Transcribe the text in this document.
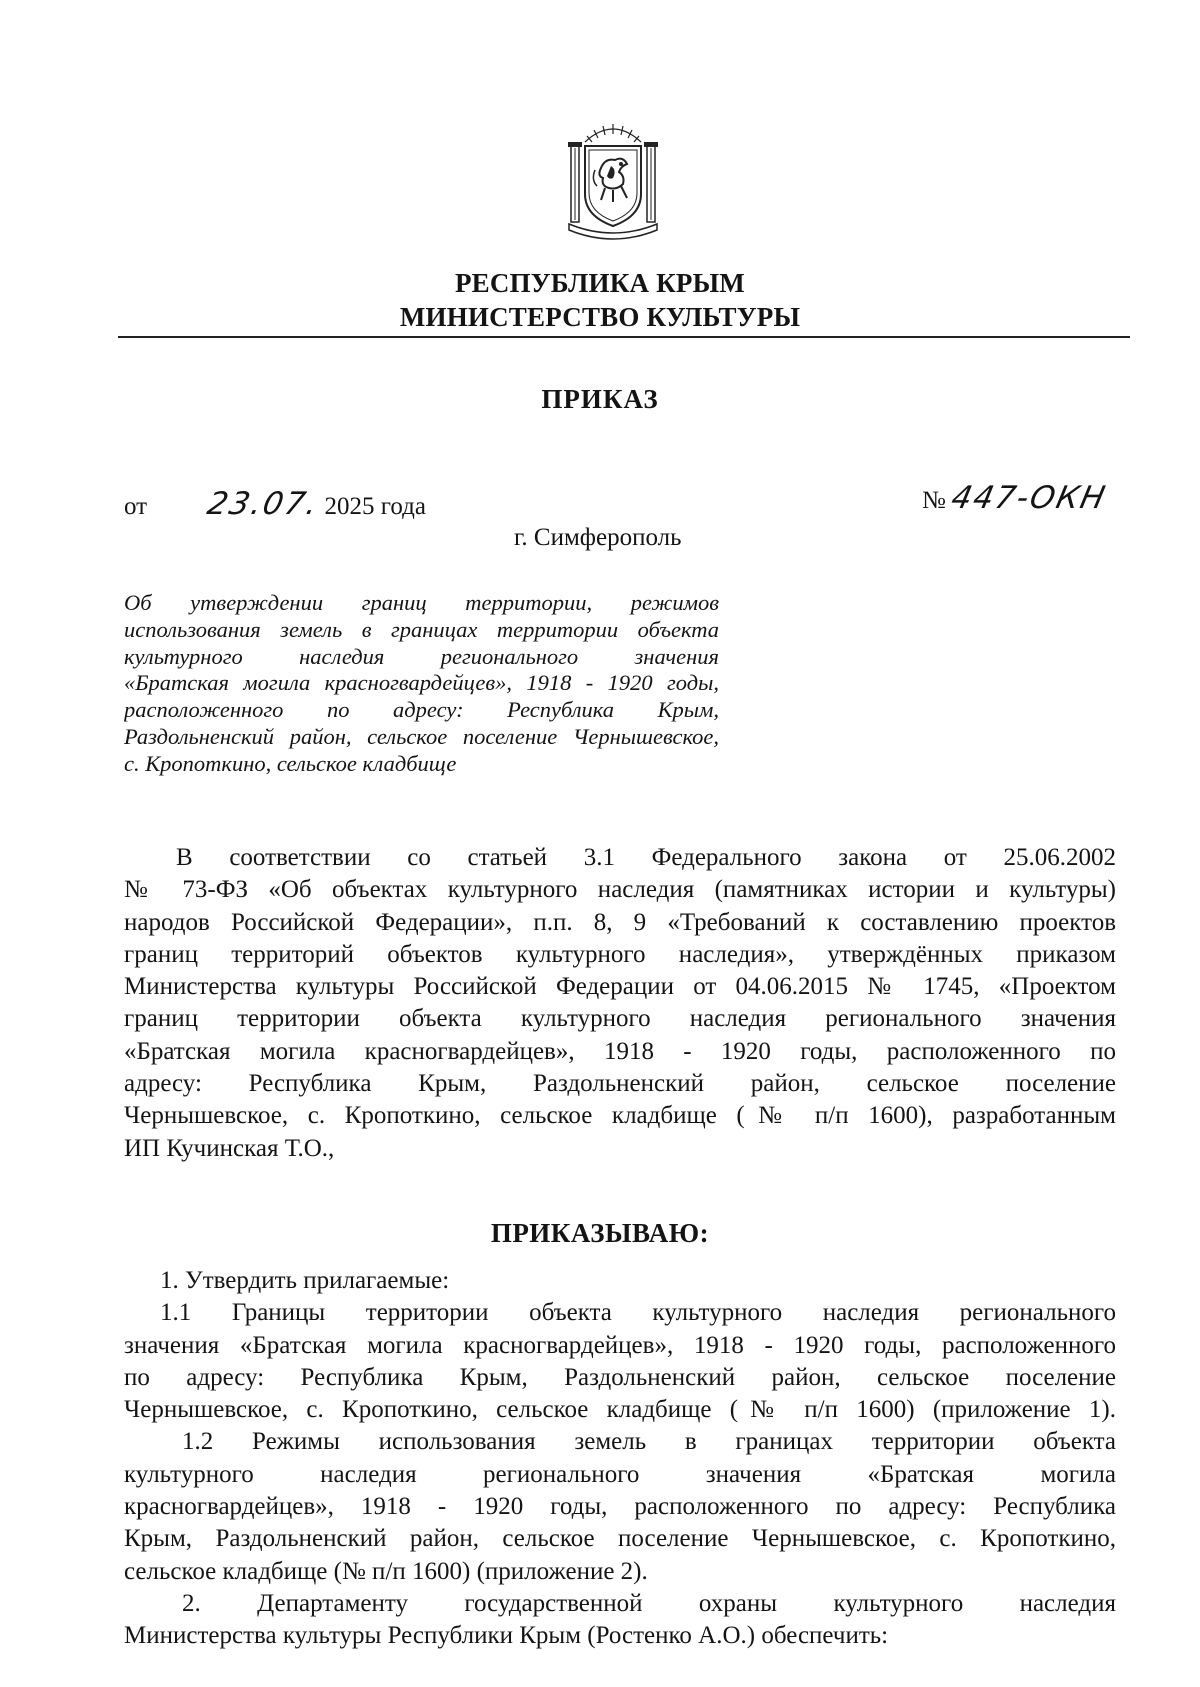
РЕСПУБЛИКА КРЫМ
МИНИСТЕРСТВО КУЛЬТУРЫ
ПРИКАЗ
от 23.07. 2025 года	№ 447-ОКН
г. Симферополь
Об утверждении границ территории, режимов
использования земель в границах территории объекта
культурного наследия регионального значения
«Братская могила красногвардейцев», 1918 - 1920 годы,
расположенного по адресу: Республика Крым,
Раздольненский район, сельское поселение Чернышевское,
с. Кропоткино, сельское кладбище
В соответствии со статьей 3.1 Федерального закона от 25.06.2002
№ 73-ФЗ «Об объектах культурного наследия (памятниках истории и культуры)
народов Российской Федерации», п.п. 8, 9 «Требований к составлению проектов
границ территорий объектов культурного наследия», утверждённых приказом
Министерства культуры Российской Федерации от 04.06.2015 № 1745, «Проектом
границ территории объекта культурного наследия регионального значения
«Братская могила красногвардейцев», 1918 - 1920 годы, расположенного по
адресу: Республика Крым, Раздольненский район, сельское поселение
Чернышевское, с. Кропоткино, сельское кладбище (№ п/п 1600), разработанным
ИП Кучинская Т.О.,
ПРИКАЗЫВАЮ:
1. Утвердить прилагаемые:
1.1 Границы территории объекта культурного наследия регионального
значения «Братская могила красногвардейцев», 1918 - 1920 годы, расположенного
по адресу: Республика Крым, Раздольненский район, сельское поселение
Чернышевское, с. Кропоткино, сельское кладбище (№ п/п 1600) (приложение 1).
1.2 Режимы использования земель в границах территории объекта
культурного наследия регионального значения «Братская могила
красногвардейцев», 1918 - 1920 годы, расположенного по адресу: Республика
Крым, Раздольненский район, сельское поселение Чернышевское, с. Кропоткино,
сельское кладбище (№ п/п 1600) (приложение 2).
2. Департаменту государственной охраны культурного наследия
Министерства культуры Республики Крым (Ростенко А.О.) обеспечить:
